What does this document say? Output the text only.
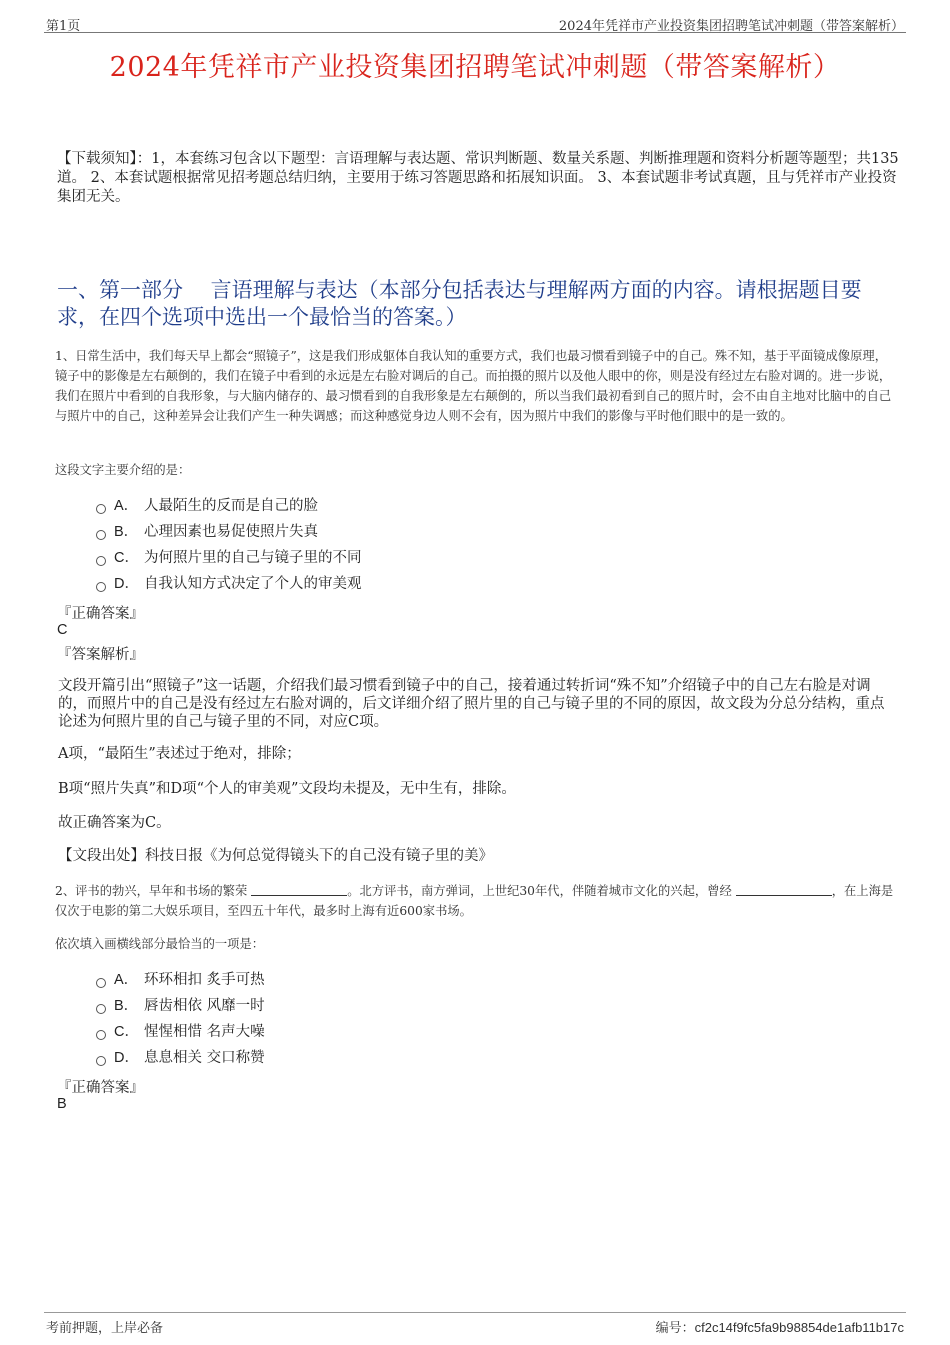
第1页	2024年凭祥市产业投资集团招聘笔试冲刺题（带答案解析）
2024年凭祥市产业投资集团招聘笔试冲刺题（带答案解析）
【下载须知】：1，本套练习包含以下题型：言语理解与表达题、常识判断题、数量关系题、判断推理题和资料分析题等题型；共135道。 2、本套试题根据常见招考题总结归纳，主要用于练习答题思路和拓展知识面。 3、本套试题非考试真题，且与凭祥市产业投资集团无关。
一、第一部分　 言语理解与表达（本部分包括表达与理解两方面的内容。请根据题目要求，在四个选项中选出一个最恰当的答案。）
1、日常生活中，我们每天早上都会“照镜子”，这是我们形成躯体自我认知的重要方式，我们也最习惯看到镜子中的自己。殊不知，基于平面镜成像原理，镜子中的影像是左右颠倒的，我们在镜子中看到的永远是左右脸对调后的自己。而拍摄的照片以及他人眼中的你，则是没有经过左右脸对调的。进一步说，我们在照片中看到的自我形象，与大脑内储存的、最习惯看到的自我形象是左右颠倒的，所以当我们最初看到自己的照片时，会不由自主地对比脑中的自己与照片中的自己，这种差异会让我们产生一种失调感；而这种感觉身边人则不会有，因为照片中我们的影像与平时他们眼中的是一致的。
这段文字主要介绍的是：
A． 人最陌生的反而是自己的脸
B． 心理因素也易促使照片失真
C． 为何照片里的自己与镜子里的不同
D． 自我认知方式决定了个人的审美观
『正确答案』
C
『答案解析』
文段开篇引出“照镜子”这一话题，介绍我们最习惯看到镜子中的自己，接着通过转折词“殊不知”介绍镜子中的自己左右脸是对调的，而照片中的自己是没有经过左右脸对调的，后文详细介绍了照片里的自己与镜子里的不同的原因，故文段为分总分结构，重点论述为何照片里的自己与镜子里的不同，对应C项。
A项，“最陌生”表述过于绝对，排除；
B项“照片失真”和D项“个人的审美观”文段均未提及，无中生有，排除。
故正确答案为C。
【文段出处】科技日报《为何总觉得镜头下的自己没有镜子里的美》
2、评书的勃兴，早年和书场的繁荣	。北方评书，南方弹词，上世纪30年代，伴随着城市文化的兴起，曾经	，在上海是仅次于电影的第二大娱乐项目，至四五十年代，最多时上海有近600家书场。
依次填入画横线部分最恰当的一项是：
A． 环环相扣 炙手可热
B． 唇齿相依 风靡一时
C． 惺惺相惜 名声大噪
D． 息息相关 交口称赞
『正确答案』
B
考前押题，上岸必备	编号：cf2c14f9fc5fa9b98854de1afb11b17c
